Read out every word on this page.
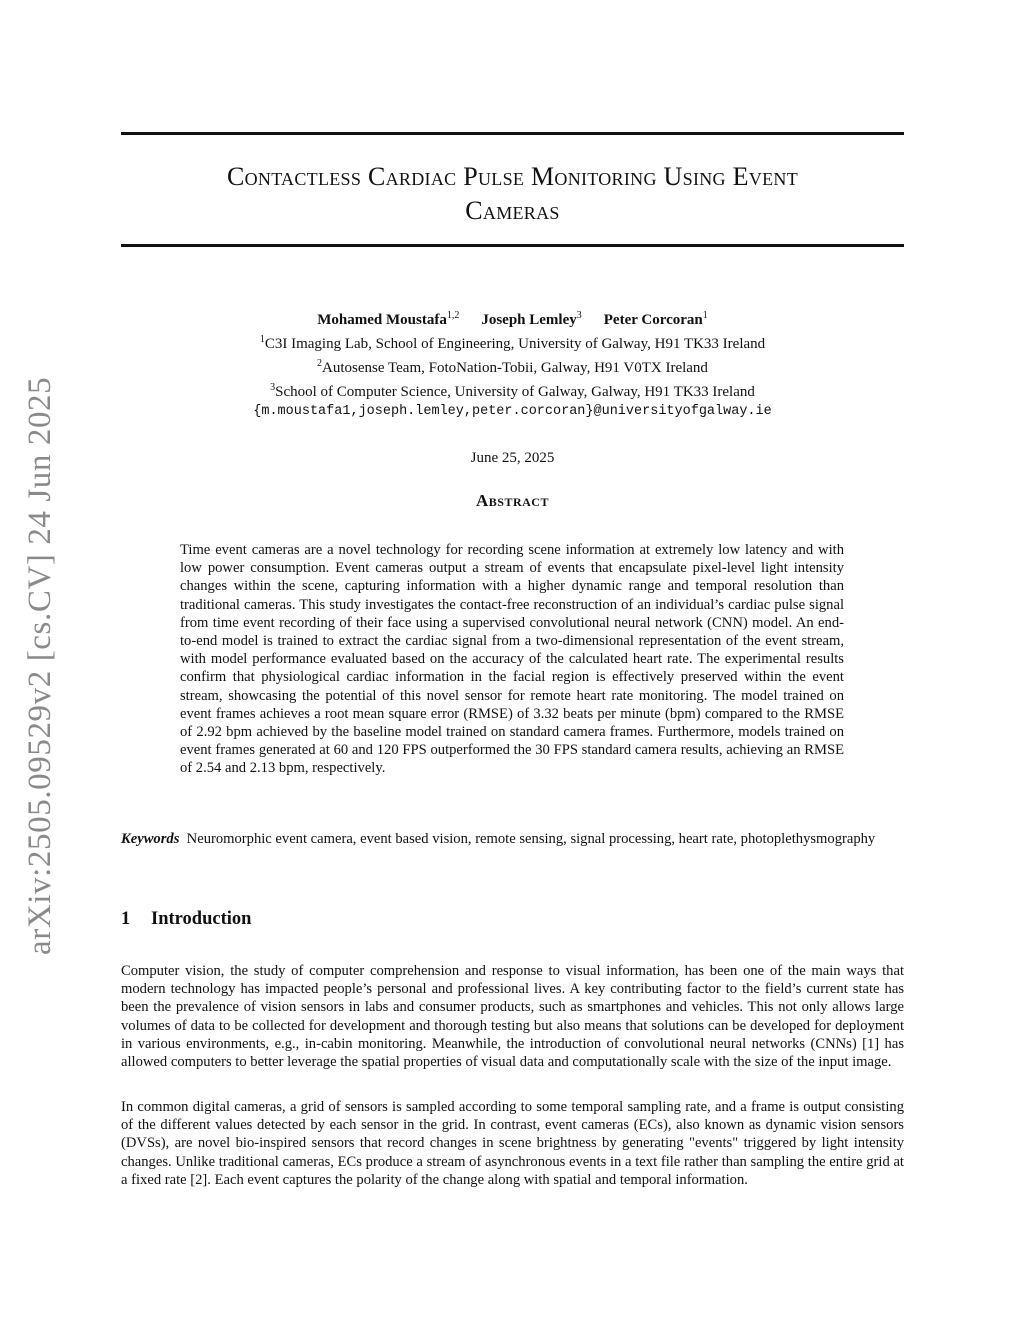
arXiv:2505.09529v2 [cs.CV] 24 Jun 2025
Contactless Cardiac Pulse Monitoring Using Event
Cameras
Mohamed Moustafa$^{1,2}$ Joseph Lemley$^3$ Peter Corcoran$^1$
$^1$C3I Imaging Lab, School of Engineering, University of Galway, H91 TK33 Ireland
$^2$Autosense Team, FotoNation-Tobii, Galway, H91 V0TX Ireland
$^3$School of Computer Science, University of Galway, Galway, H91 TK33 Ireland
{m.moustafa1,joseph.lemley,peter.corcoran}@universityofgalway.ie
June 25, 2025
Abstract
Time event cameras are a novel technology for recording scene information at extremely low latency and with low power consumption. Event cameras output a stream of events that encapsulate pixel-level light intensity changes within the scene, capturing information with a higher dynamic range and temporal resolution than traditional cameras. This study investigates the contact-free reconstruction of an individual’s cardiac pulse signal from time event recording of their face using a supervised convolutional neural network (CNN) model. An end-to-end model is trained to extract the cardiac signal from a two-dimensional representation of the event stream, with model performance evaluated based on the accuracy of the calculated heart rate. The experimental results confirm that physiological cardiac information in the facial region is effectively preserved within the event stream, showcasing the potential of this novel sensor for remote heart rate monitoring. The model trained on event frames achieves a root mean square error (RMSE) of 3.32 beats per minute (bpm) compared to the RMSE of 2.92 bpm achieved by the baseline model trained on standard camera frames. Furthermore, models trained on event frames generated at 60 and 120 FPS outperformed the 30 FPS standard camera results, achieving an RMSE of 2.54 and 2.13 bpm, respectively.
Keywords Neuromorphic event camera, event based vision, remote sensing, signal processing, heart rate, photoplethysmography
1 Introduction
Computer vision, the study of computer comprehension and response to visual information, has been one of the main ways that modern technology has impacted people’s personal and professional lives. A key contributing factor to the field’s current state has been the prevalence of vision sensors in labs and consumer products, such as smartphones and vehicles. This not only allows large volumes of data to be collected for development and thorough testing but also means that solutions can be developed for deployment in various environments, e.g., in-cabin monitoring. Meanwhile, the introduction of convolutional neural networks (CNNs) [1] has allowed computers to better leverage the spatial properties of visual data and computationally scale with the size of the input image.
In common digital cameras, a grid of sensors is sampled according to some temporal sampling rate, and a frame is output consisting of the different values detected by each sensor in the grid. In contrast, event cameras (ECs), also known as dynamic vision sensors (DVSs), are novel bio-inspired sensors that record changes in scene brightness by generating "events" triggered by light intensity changes. Unlike traditional cameras, ECs produce a stream of asynchronous events in a text file rather than sampling the entire grid at a fixed rate [2]. Each event captures the polarity of the change along with spatial and temporal information.
